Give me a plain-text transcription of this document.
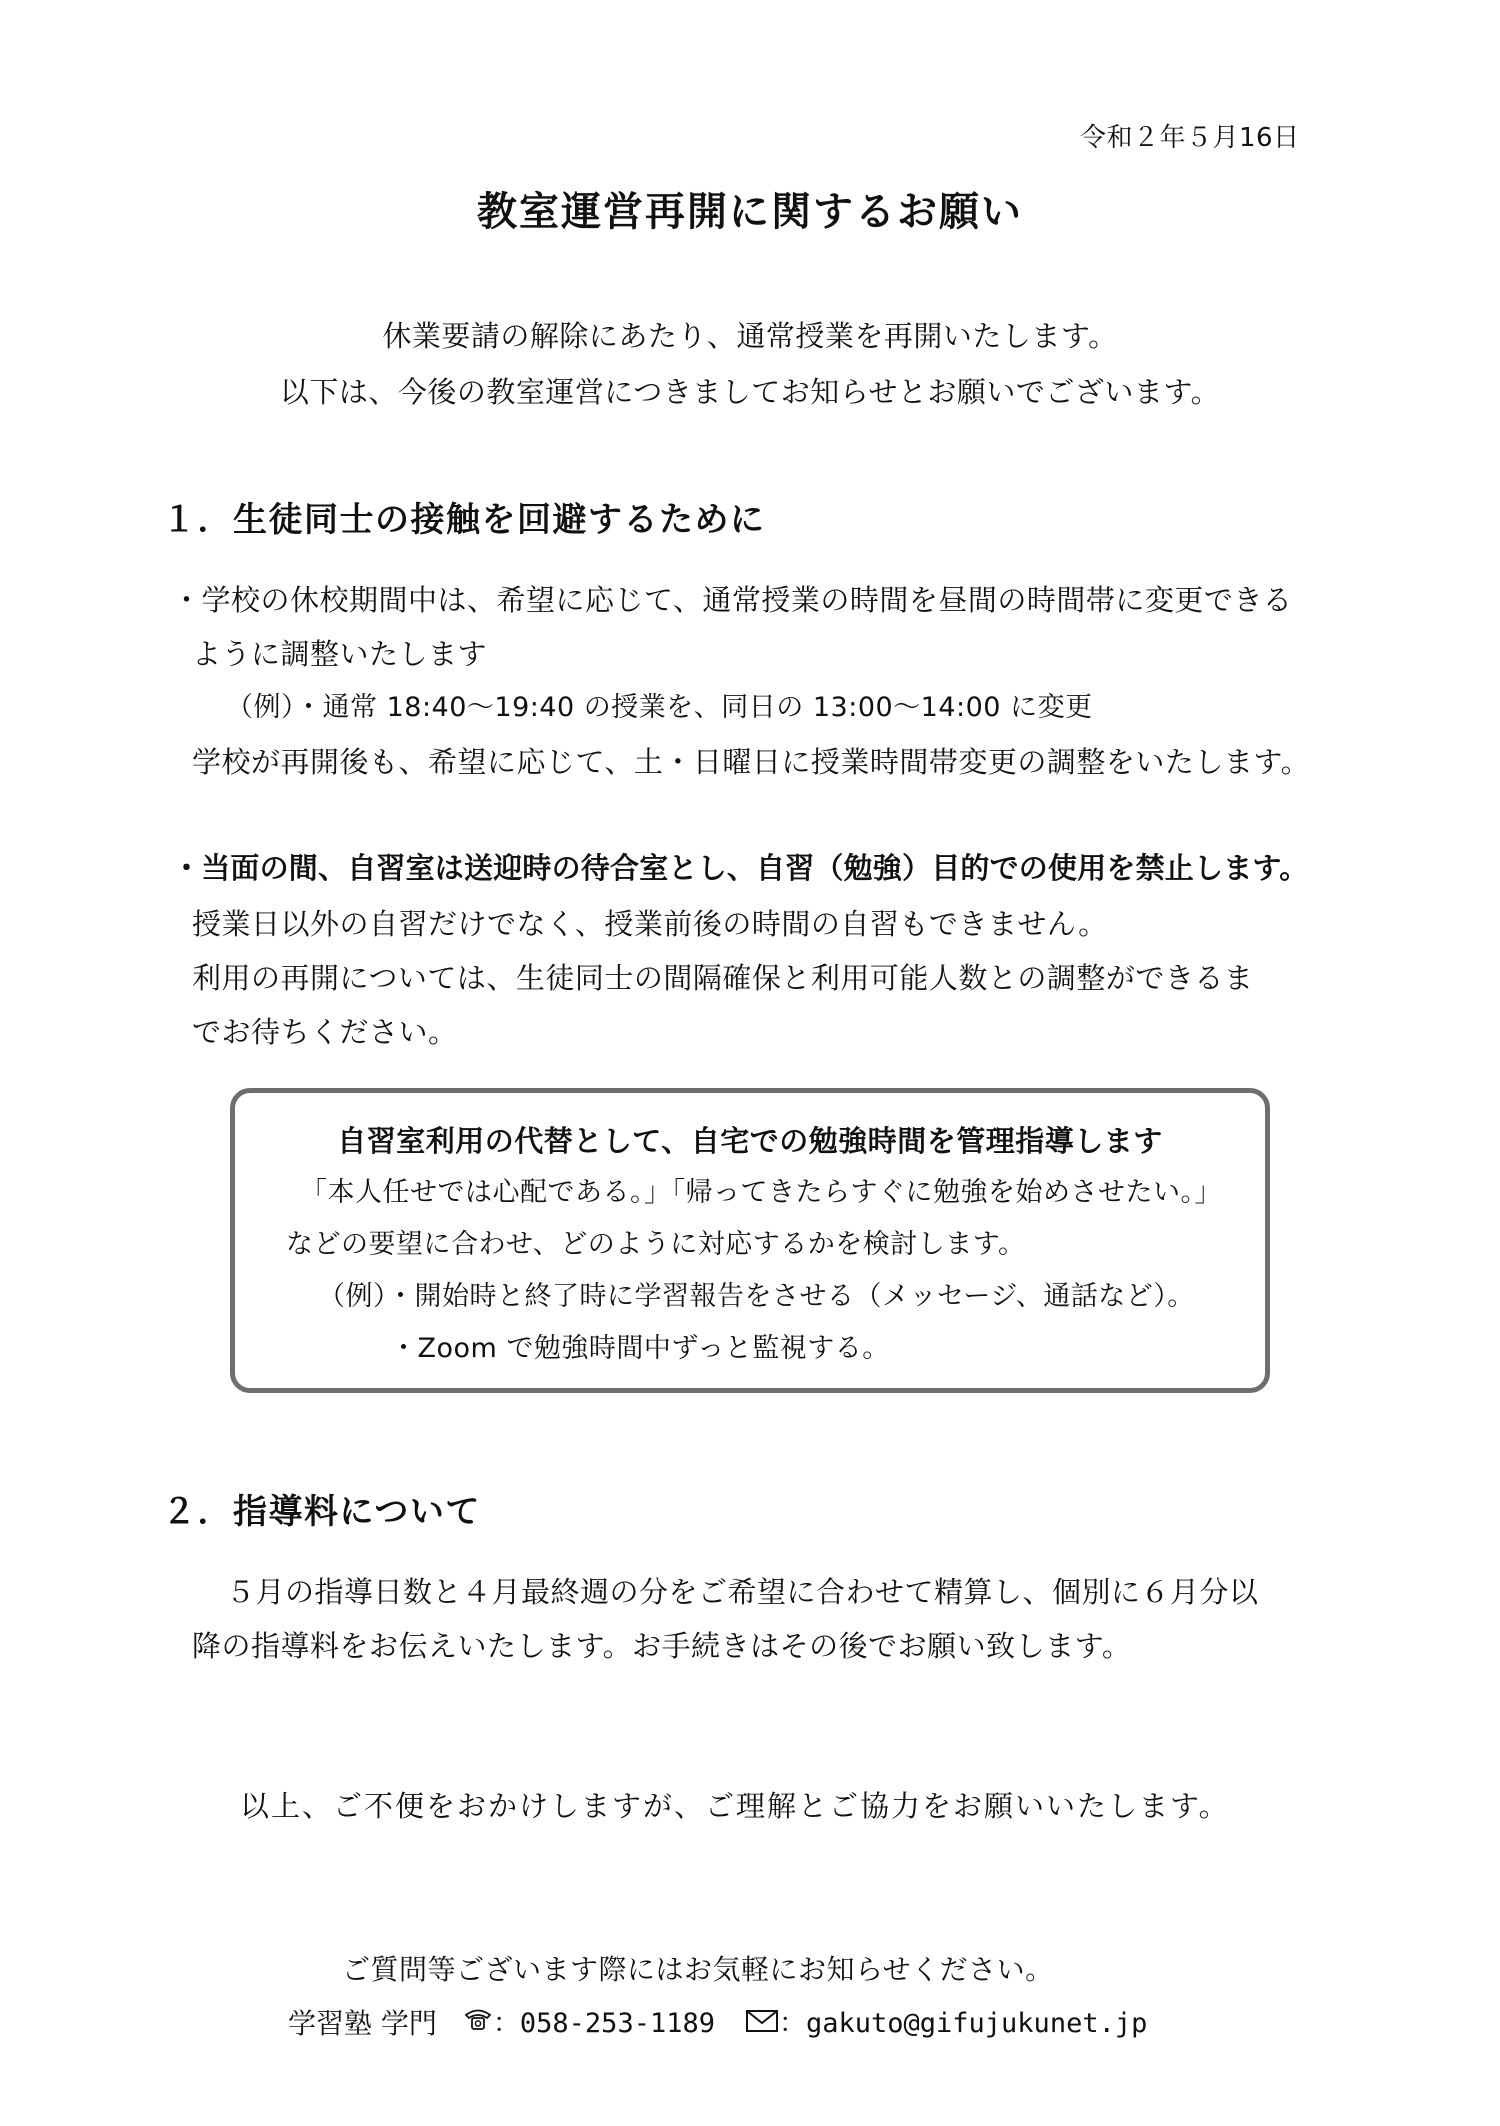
令和２年５月16日
教室運営再開に関するお願い
休業要請の解除にあたり、通常授業を再開いたします。
以下は、今後の教室運営につきましてお知らせとお願いでございます。
１．生徒同士の接触を回避するために
・学校の休校期間中は、希望に応じて、通常授業の時間を昼間の時間帯に変更できる
ように調整いたします
（例）・通常 18:40～19:40 の授業を、同日の 13:00～14:00 に変更
学校が再開後も、希望に応じて、土・日曜日に授業時間帯変更の調整をいたします。
・当面の間、自習室は送迎時の待合室とし、自習（勉強）目的での使用を禁止します。
授業日以外の自習だけでなく、授業前後の時間の自習もできません。
利用の再開については、生徒同士の間隔確保と利用可能人数との調整ができるま
でお待ちください。
自習室利用の代替として、自宅での勉強時間を管理指導します
「本人任せでは心配である。」「帰ってきたらすぐに勉強を始めさせたい。」
などの要望に合わせ、どのように対応するかを検討します。
（例）・開始時と終了時に学習報告をさせる（メッセージ、通話など）。
・Zoom で勉強時間中ずっと監視する。
２．指導料について
５月の指導日数と４月最終週の分をご希望に合わせて精算し、個別に６月分以
降の指導料をお伝えいたします。お手続きはその後でお願い致します。
以上、ご不便をおかけしますが、ご理解とご協力をお願いいたします。
ご質問等ございます際にはお気軽にお知らせください。
学習塾 学門 ：058-253-1189 ：gakuto@gifujukunet.jp
